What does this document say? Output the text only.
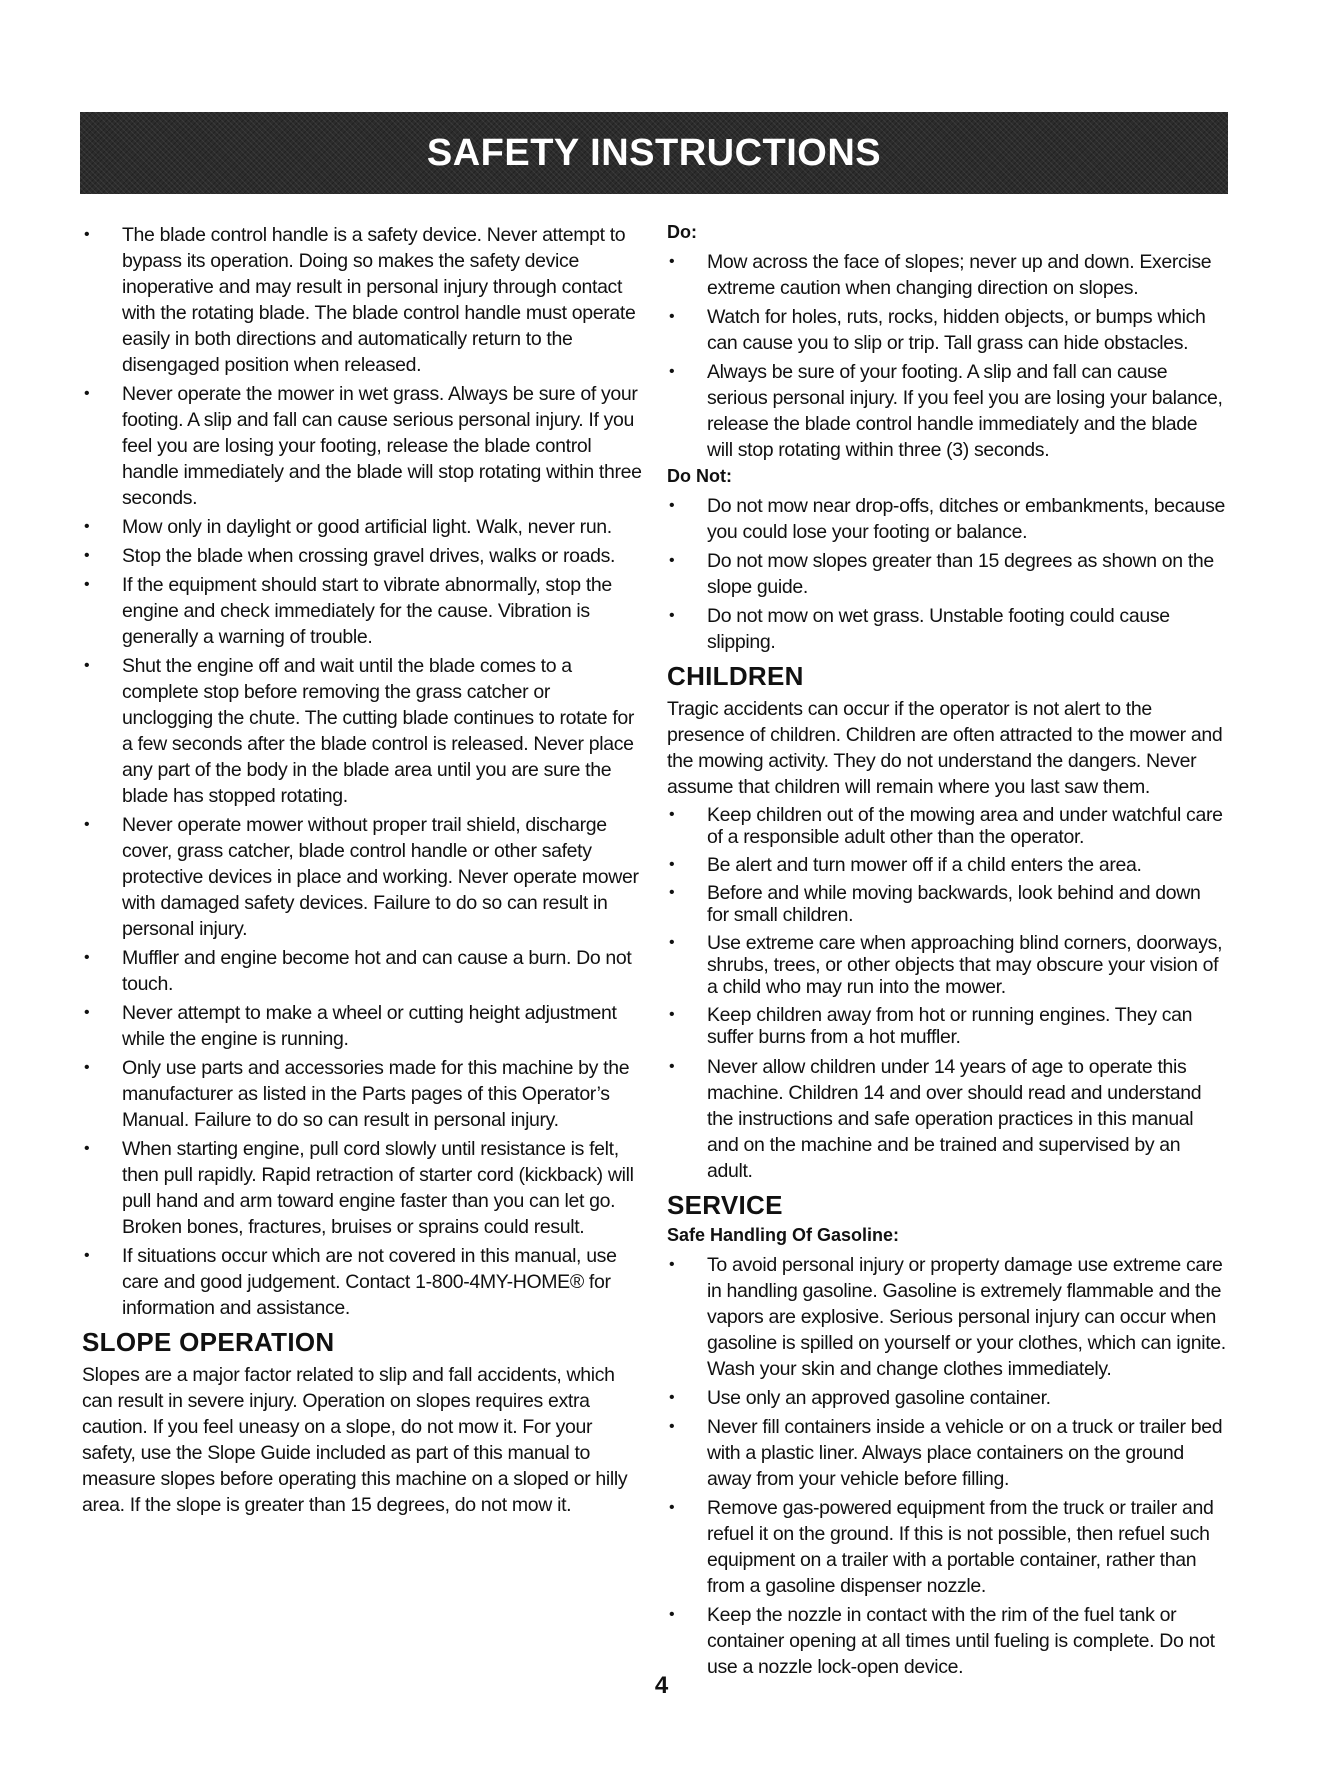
SAFETY INSTRUCTIONS
• The blade control handle is a safety device. Never attempt to bypass its operation. Doing so makes the safety device inoperative and may result in personal injury through contact with the rotating blade. The blade control handle must operate easily in both directions and automatically return to the disengaged position when released.
• Never operate the mower in wet grass. Always be sure of your footing. A slip and fall can cause serious personal injury. If you feel you are losing your footing, release the blade control handle immediately and the blade will stop rotating within three seconds.
• Mow only in daylight or good artificial light. Walk, never run.
• Stop the blade when crossing gravel drives, walks or roads.
• If the equipment should start to vibrate abnormally, stop the engine and check immediately for the cause. Vibration is generally a warning of trouble.
• Shut the engine off and wait until the blade comes to a complete stop before removing the grass catcher or unclogging the chute. The cutting blade continues to rotate for a few seconds after the blade control is released. Never place any part of the body in the blade area until you are sure the blade has stopped rotating.
• Never operate mower without proper trail shield, discharge cover, grass catcher, blade control handle or other safety protective devices in place and working. Never operate mower with damaged safety devices. Failure to do so can result in personal injury.
• Muffler and engine become hot and can cause a burn. Do not touch.
• Never attempt to make a wheel or cutting height adjustment while the engine is running.
• Only use parts and accessories made for this machine by the manufacturer as listed in the Parts pages of this Operator’s Manual. Failure to do so can result in personal injury.
• When starting engine, pull cord slowly until resistance is felt, then pull rapidly. Rapid retraction of starter cord (kickback) will pull hand and arm toward engine faster than you can let go. Broken bones, fractures, bruises or sprains could result.
• If situations occur which are not covered in this manual, use care and good judgement. Contact 1-800-4MY-HOME® for information and assistance.
SLOPE OPERATION

Slopes are a major factor related to slip and fall accidents, which can result in severe injury. Operation on slopes requires extra caution. If you feel uneasy on a slope, do not mow it. For your safety, use the Slope Guide included as part of this manual to measure slopes before operating this machine on a sloped or hilly area. If the slope is greater than 15 degrees, do not mow it.

Do:
• Mow across the face of slopes; never up and down. Exercise extreme caution when changing direction on slopes.
• Watch for holes, ruts, rocks, hidden objects, or bumps which can cause you to slip or trip. Tall grass can hide obstacles.
• Always be sure of your footing. A slip and fall can cause serious personal injury. If you feel you are losing your balance, release the blade control handle immediately and the blade will stop rotating within three (3) seconds.
Do Not:
• Do not mow near drop-offs, ditches or embankments, because you could lose your footing or balance.
• Do not mow slopes greater than 15 degrees as shown on the slope guide.
• Do not mow on wet grass. Unstable footing could cause slipping.
CHILDREN

Tragic accidents can occur if the operator is not alert to the presence of children. Children are often attracted to the mower and the mowing activity. They do not understand the dangers. Never assume that children will remain where you last saw them.

• Keep children out of the mowing area and under watchful care of a responsible adult other than the operator.
• Be alert and turn mower off if a child enters the area.
• Before and while moving backwards, look behind and down for small children.
• Use extreme care when approaching blind corners, doorways, shrubs, trees, or other objects that may obscure your vision of a child who may run into the mower.
• Keep children away from hot or running engines. They can suffer burns from a hot muffler.
• Never allow children under 14 years of age to operate this machine. Children 14 and over should read and understand the instructions and safe operation practices in this manual and on the machine and be trained and supervised by an adult.
SERVICE
Safe Handling Of Gasoline:
• To avoid personal injury or property damage use extreme care in handling gasoline. Gasoline is extremely flammable and the vapors are explosive. Serious personal injury can occur when gasoline is spilled on yourself or your clothes, which can ignite. Wash your skin and change clothes immediately.
• Use only an approved gasoline container.
• Never fill containers inside a vehicle or on a truck or trailer bed with a plastic liner. Always place containers on the ground away from your vehicle before filling.
• Remove gas-powered equipment from the truck or trailer and refuel it on the ground. If this is not possible, then refuel such equipment on a trailer with a portable container, rather than from a gasoline dispenser nozzle.
• Keep the nozzle in contact with the rim of the fuel tank or container opening at all times until fueling is complete. Do not use a nozzle lock-open device.
4
